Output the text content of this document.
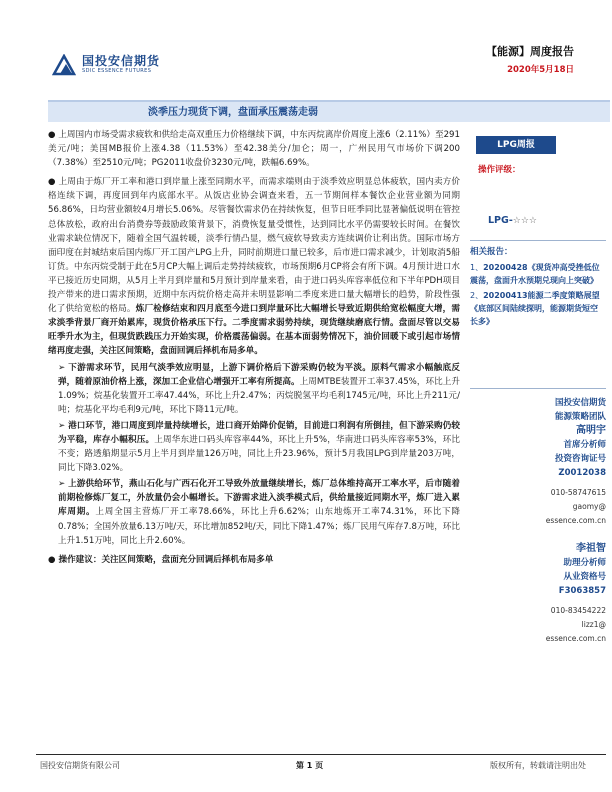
国投安信期货
SDIC ESSENCE FUTURES
【能源】周度报告
2020年5月18日
淡季压力现货下调，盘面承压震荡走弱

● 上周国内市场受需求疲软和供给走高双重压力价格继续下调，中东丙烷离岸价周度上涨6（2.11%）至291美元/吨；美国MB报价上涨4.38（11.53%）至42.38美分/加仑；周一，广州民用气市场价下调200（7.38%）至2510元/吨；PG2011收盘价3230元/吨，跌幅6.69%。

● 上周由于炼厂开工率和港口到岸量上涨至同期水平，而需求端则由于淡季效应明显总体疲软，国内卖方价格连续下调，再度回到年内底部水平。从饭店业协会调查来看，五一节期间样本餐饮企业营业额为同期56.86%，日均营业额较4月增长5.06%。尽管餐饮需求仍在持续恢复，但节日旺季同比显著偏低说明在管控总体放松，政府出台消费券等鼓励政策背景下，消费恢复量受惯性，达到同比水平仍需要较长时间。在餐饮业需求缺位情况下，随着全国气温转暖，淡季行情凸显，燃气疲软导致卖方连续调价让利出货。国际市场方面印度在封城结束后国内炼厂开工国产LPG上升，同时前期进口量已较多，后市进口需求减少，计划取消5船订货。中东丙烷受制于此在5月CP大幅上调后走势持续疲软，市场预期6月CP将会有所下调。4月预计进口水平已接近历史同期，从5月上半月到岸量和5月预计到岸量来看，由于进口码头库容率低位和下半年PDH项目投产带来的进口需求预期，近期中东丙烷价格走高并未明显影响二季度来进口量大幅增长的趋势，阶段性强化了供给宽松的格局。炼厂检修结束和四月底至今进口到岸量环比大幅增长导致近期供给宽松幅度大增，需求淡季背景厂商开始累库，现货价格承压下行。二季度需求弱势持续，现货继续磨底行情。盘面尽管以交易旺季升水为主，但现货跌践压力开始实现，价格震荡偏弱。在基本面弱势情况下，油价回暖下或引起市场情绪再度走强，关注区间策略，盘面回调后择机布局多单。

➢ 下游需求环节，民用气淡季效应明显，上游下调价格后下游采购仍较为平淡。原料气需求小幅触底反弹，随着原油价格上涨，深加工企业信心增强开工率有所提高。上周MTBE装置开工率37.45%，环比上升1.09%；烷基化装置开工率47.44%，环比上升2.47%；丙烷脱氢平均毛利1745元/吨，环比上升211元/吨；烷基化平均毛利9元/吨，环比下降11元/吨。

➢ 港口环节，港口周度到岸量持续增长，进口商开始降价促销，目前进口利润有所倒挂，但下游采购仍较为平稳，库存小幅积压。上周华东进口码头库容率44%，环比上升5%，华南进口码头库容率53%，环比不变；路透船期显示5月上半月到岸量126万吨，同比上升23.96%，预计5月我国LPG到岸量203万吨，同比下降3.02%。

➢ 上游供给环节，燕山石化与广西石化开工导致外放量继续增长，炼厂总体维持高开工率水平，后市随着前期检修炼厂复工，外放量仍会小幅增长。下游需求进入淡季模式后，供给量接近同期水平，炼厂进入累库周期。上周全国主营炼厂开工率78.66%，环比上升6.62%；山东地炼开工率74.31%，环比下降0.78%；全国外放量6.13万吨/天，环比增加852吨/天，同比下降1.47%；炼厂民用气库存7.8万吨，环比上升1.51万吨，同比上升2.60%。

● 操作建议：关注区间策略，盘面充分回调后择机布局多单
LPG周报
操作评级：
LPG-☆☆☆
相关报告：
1、20200428《现货冲高受挫低位震荡，盘面升水预期兑现向上突破》
2、20200413能源二季度策略展望《底部区间陆续探明，能源期货短空长多》
国投安信期货
能源策略团队
高明宇
首席分析师
投资咨询证号
Z0012038
010-58747615
gaomy@
essence.com.cn
李祖智
助理分析师
从业资格号
F3063857
010-83454222
lizz1@
essence.com.cn
国投安信期货有限公司	第 1 页	版权所有，转载请注明出处
